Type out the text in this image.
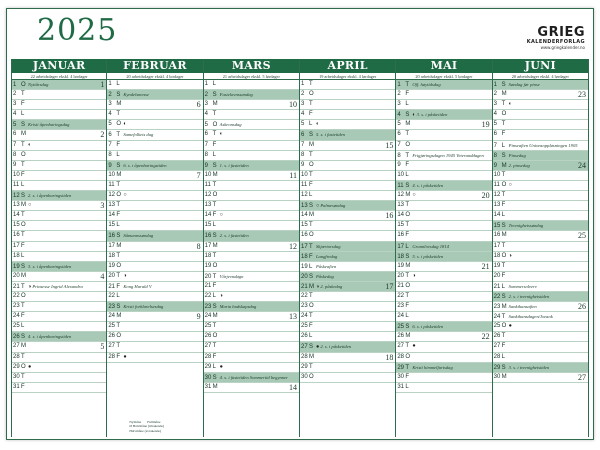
2025	GRIEG
KALENDERFORLAG
www.griegkalender.no
JANUAR
22 arbeidsdager ekskl. 4 lørdager
1 O Nyttårsdag	1
2 T
3 F
4 L
5 S Kristi åpenbaringsdag
6 M	2
7 T ◐
8 O
9 T
10F
11 L
12S 2. s. i åpenbaringstiden
13M ○	3
14T
15O
16T
17F
18L
19S 3. s. i åpenbaringstiden
20M	4
21T ◑Prinsesse Ingrid Alexandra
22O
23T
24F
25L
26S 4. s. i åpenbaringstiden
27M	5
28T
29O ●
30T
31F
FEBRUAR
20 arbeidsdager ekskl. 4 lørdager
1 L
2 S Kyndelsmesse
3 M	6
4 T
5 O ◐
6 T Samefolkets dag
7 F
8 L
9 S 6. s. i åpenbaringstiden
10M	7
11 T
12O ○
13T
14F
15L
16S Såmannssøndag
17M	8
18T
19O
20T ◑
21F Kong Harald V
22L
23S Kristi forklarelsesdag
24M	9
25T
26O
27T
28F ●
Nymåne FullmåneØ Halvmåne (tiltakende)Halvmåne (avtakende)
MARS
21 arbeidsdager ekskl. 5 lørdager
1 L
2 S Fastelavnssøndag
3 M	10
4 T
5 O Askeonsdag
6 T ◐
7 F
8 L
9 S 1. s. i fastetiden
10M	11
11 T
12O
13T
14F ○
15L
16S 2. s. i fastetiden
17M	12
18T
19O
20T Vårjevndøgn
21F
22L ◑
23S Maria budskapsdag
24M	13
25T
26O
27T
28F
29L ●
30S 4. s. i fastetiden Sommertid begynner
31M	14
APRIL
19 arbeidsdager ekskl. 4 lørdager
1 T
2 O
3 T
4 F
5 L ◐
6 S 5. s. i fastetiden
7 M	15
8 T
9 O
10T
11 F
12L
13S ○Palmesøndag
14M	16
15T
16O
17T Skjærtorsdag
18F Langfredag
19L Påskeaften
20S Påskedag
21M ◑2. påskedag	17
22T
23O
24T
25F
26L
27S ●2. s. i påsketiden
28M	18
29T
30O
MAI
20 arbeidsdager ekskl. 5 lørdager
1 T Off. høytidsdag
2 F
3 L
4 S ◐3. s. i påsketiden
5 M	19
6 T
7 O
8 T Frigjøringsdagen 1945 Veteranddagen
9 F
10L
11 S 4. s. i påsketiden
12M ○	20
13T
14O
15T
16F
17L Grunnlovsdag 1814
18S 5. s. i påsketiden
19M	21
20T ◑
21O
22T
23F
24L
25S 6. s. i påsketiden
26M	22
27T ●
28O
29T Kristi himmelfartsdag
30F
31L
JUNI
20 arbeidsdager ekskl. 4 lørdager
1 S Søndag før pinse
2 M	23
3 T ◐
4 O
5 T
6 F
7 L Pinseaften Unionsoppløsningen 1905
8 S Pinsedag
9 M 2. pinsedag	24
10T
11 O ○
12T
13F
14L
15S Treenighetssøndag
16M	25
17T
18O ◑
19T
20F
21L Sommersolverv
22S 2. s. i treenighetstiden
23M Sankthansaften	26
24T Sankthansdagen/Jonsok
25O ●
26T
27F
28L
29S 3. s. i treenighetstiden
30M	27
